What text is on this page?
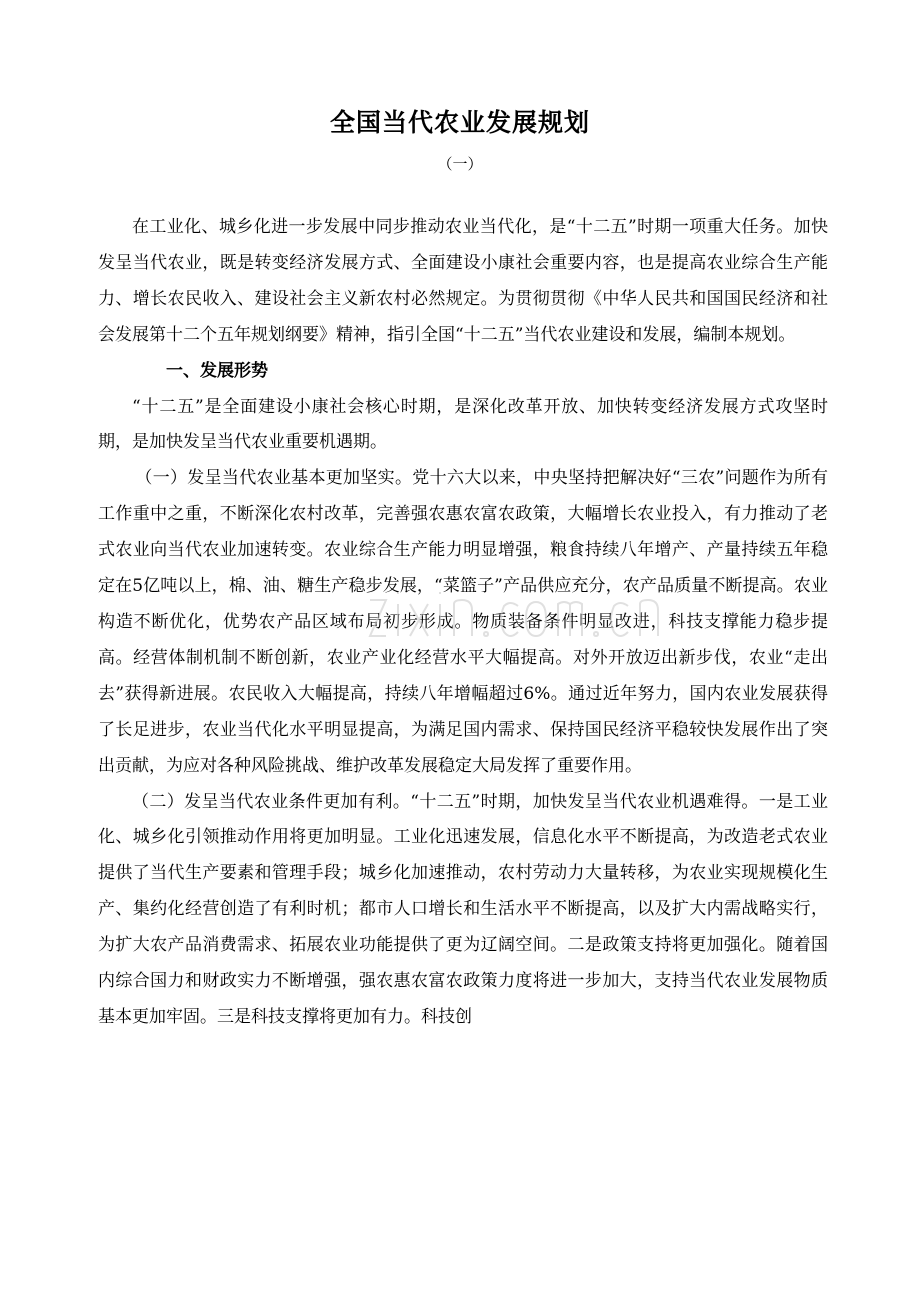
全国当代农业发展规划
（一）

在工业化、城乡化进一步发展中同步推动农业当代化，是“十二五”时期一项重大任务。加快发呈当代农业，既是转变经济发展方式、全面建设小康社会重要内容，也是提高农业综合生产能力、增长农民收入、建设社会主义新农村必然规定。为贯彻贯彻《中华人民共和国国民经济和社会发展第十二个五年规划纲要》精神，指引全国“十二五”当代农业建设和发展，编制本规划。

一、发展形势

“十二五”是全面建设小康社会核心时期，是深化改革开放、加快转变经济发展方式攻坚时期，是加快发呈当代农业重要机遇期。

（一）发呈当代农业基本更加坚实。党十六大以来，中央坚持把解决好“三农”问题作为所有工作重中之重，不断深化农村改革，完善强农惠农富农政策，大幅增长农业投入，有力推动了老式农业向当代农业加速转变。农业综合生产能力明显增强，粮食持续八年增产、产量持续五年稳定在5亿吨以上，棉、油、糖生产稳步发展，“菜篮子”产品供应充分，农产品质量不断提高。农业构造不断优化，优势农产品区域布局初步形成。物质装备条件明显改进，科技支撑能力稳步提高。经营体制机制不断创新，农业产业化经营水平大幅提高。对外开放迈出新步伐，农业“走出去”获得新进展。农民收入大幅提高，持续八年增幅超过6%。通过近年努力，国内农业发展获得了长足进步，农业当代化水平明显提高，为满足国内需求、保持国民经济平稳较快发展作出了突出贡献，为应对各种风险挑战、维护改革发展稳定大局发挥了重要作用。

（二）发呈当代农业条件更加有利。“十二五”时期，加快发呈当代农业机遇难得。一是工业化、城乡化引领推动作用将更加明显。工业化迅速发展，信息化水平不断提高，为改造老式农业提供了当代生产要素和管理手段；城乡化加速推动，农村劳动力大量转移，为农业实现规模化生产、集约化经营创造了有利时机；都市人口增长和生活水平不断提高，以及扩大内需战略实行，为扩大农产品消费需求、拓展农业功能提供了更为辽阔空间。二是政策支持将更加强化。随着国内综合国力和财政实力不断增强，强农惠农富农政策力度将进一步加大，支持当代农业发展物质基本更加牢固。三是科技支撑将更加有力。科技创
